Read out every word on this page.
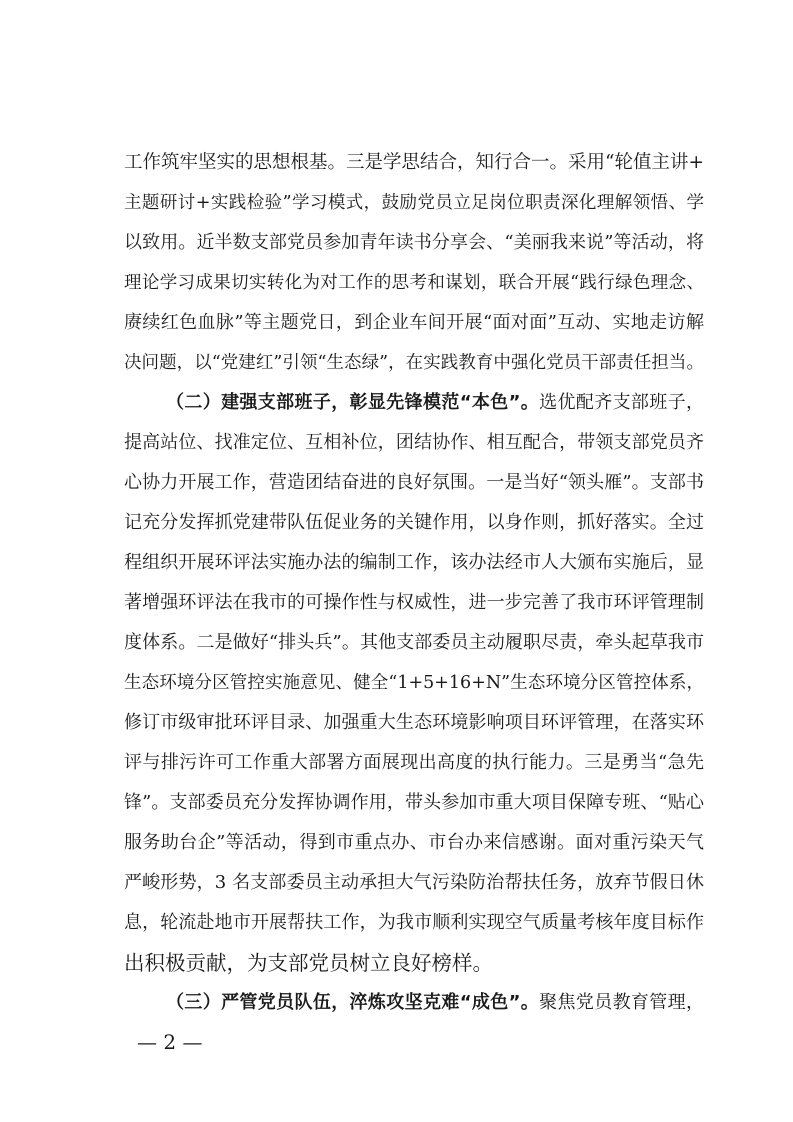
工作筑牢坚实的思想根基。三是学思结合，知行合一。采用“轮值主讲+
主题研讨+实践检验”学习模式，鼓励党员立足岗位职责深化理解领悟、学
以致用。近半数支部党员参加青年读书分享会、“美丽我来说”等活动，将
理论学习成果切实转化为对工作的思考和谋划，联合开展“践行绿色理念、
赓续红色血脉”等主题党日，到企业车间开展“面对面”互动、实地走访解
决问题，以“党建红”引领“生态绿”，在实践教育中强化党员干部责任担当。
（二）建强支部班子，彰显先锋模范“本色”。选优配齐支部班子，
提高站位、找准定位、互相补位，团结协作、相互配合，带领支部党员齐
心协力开展工作，营造团结奋进的良好氛围。一是当好“领头雁”。支部书
记充分发挥抓党建带队伍促业务的关键作用，以身作则，抓好落实。全过
程组织开展环评法实施办法的编制工作，该办法经市人大颁布实施后，显
著增强环评法在我市的可操作性与权威性，进一步完善了我市环评管理制
度体系。二是做好“排头兵”。其他支部委员主动履职尽责，牵头起草我市
生态环境分区管控实施意见、健全“1+5+16+N”生态环境分区管控体系，
修订市级审批环评目录、加强重大生态环境影响项目环评管理，在落实环
评与排污许可工作重大部署方面展现出高度的执行能力。三是勇当“急先
锋”。支部委员充分发挥协调作用，带头参加市重大项目保障专班、“贴心
服务助台企”等活动，得到市重点办、市台办来信感谢。面对重污染天气
严峻形势，3 名支部委员主动承担大气污染防治帮扶任务，放弃节假日休
息，轮流赴地市开展帮扶工作，为我市顺利实现空气质量考核年度目标作
出积极贡献，为支部党员树立良好榜样。
（三）严管党员队伍，淬炼攻坚克难“成色”。聚焦党员教育管理，
— 2 —
